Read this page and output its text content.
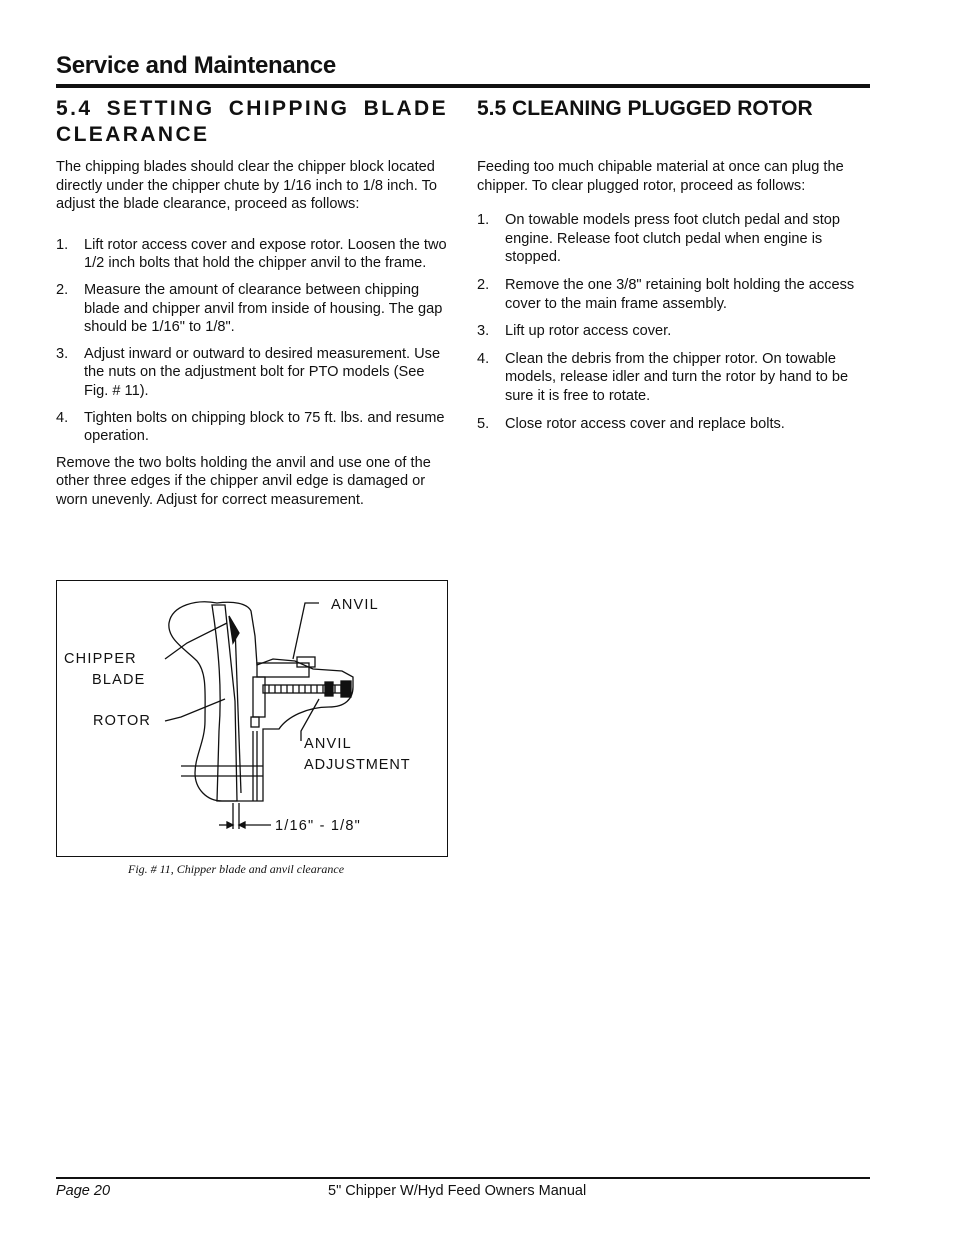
Service and Maintenance
5.4 SETTING CHIPPING BLADE CLEARANCE

The chipping blades should clear the chipper block located directly under the chipper chute by 1/16 inch to 1/8 inch. To adjust the blade clearance, proceed as follows:

1. Lift rotor access cover and expose rotor. Loosen the two 1/2 inch bolts that hold the chipper anvil to the frame.
2. Measure the amount of clearance between chipping blade and chipper anvil from inside of housing. The gap should be 1/16" to 1/8".
3. Adjust inward or outward to desired measurement. Use the nuts on the adjustment bolt for PTO models (See Fig. # 11).
4. Tighten bolts on chipping block to 75 ft. lbs. and resume operation.

Remove the two bolts holding the anvil and use one of the other three edges if the chipper anvil edge is damaged or worn unevenly. Adjust for correct measurement.

5.5 CLEANING PLUGGED ROTOR

Feeding too much chipable material at once can plug the chipper. To clear plugged rotor, proceed as follows:

1. On towable models press foot clutch pedal and stop engine. Release foot clutch pedal when engine is stopped.
2. Remove the one 3/8" retaining bolt holding the access cover to the main frame assembly.
3. Lift up rotor access cover.
4. Clean the debris from the chipper rotor. On towable models, release idler and turn the rotor by hand to be sure it is free to rotate.
5. Close rotor access cover and replace bolts.
ANVIL
CHIPPER
BLADE
ROTOR
ANVIL
ADJUSTMENT
1/16" - 1/8"
Fig. # 11, Chipper blade and anvil clearance
Page 20	5" Chipper W/Hyd Feed Owners Manual
